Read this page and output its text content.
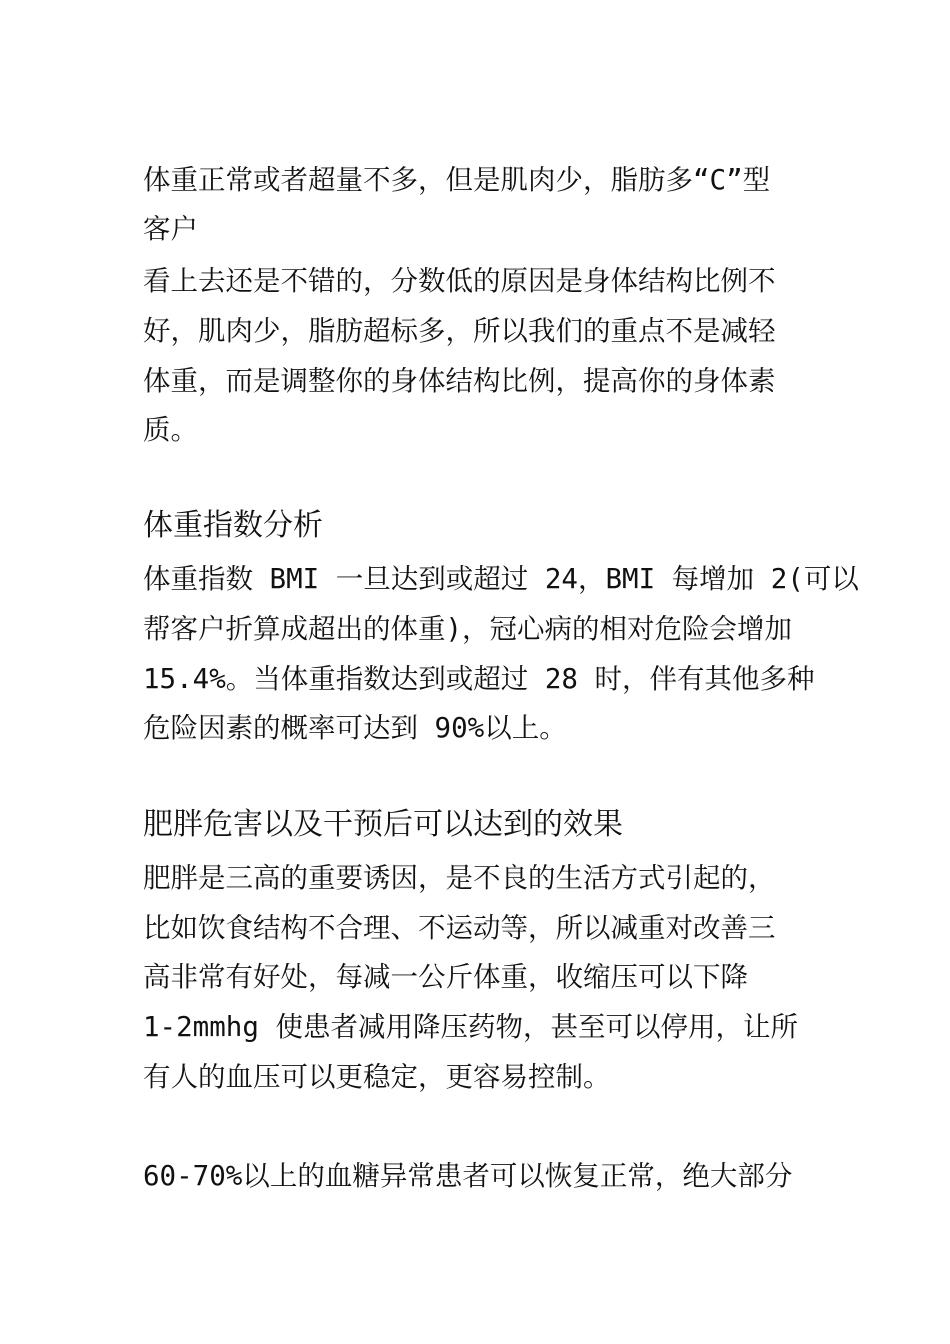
体重正常或者超量不多，但是肌肉少，脂肪多“C”型

客户

看上去还是不错的，分数低的原因是身体结构比例不

好，肌肉少，脂肪超标多，所以我们的重点不是减轻

体重，而是调整你的身体结构比例，提高你的身体素

质。

体重指数分析

体重指数 BMI 一旦达到或超过 24，BMI 每增加 2(可以

帮客户折算成超出的体重)，冠心病的相对危险会增加

15.4%。当体重指数达到或超过 28 时，伴有其他多种

危险因素的概率可达到 90%以上。

肥胖危害以及干预后可以达到的效果

肥胖是三高的重要诱因，是不良的生活方式引起的，

比如饮食结构不合理、不运动等，所以减重对改善三

高非常有好处，每减一公斤体重，收缩压可以下降

1-2mmhg 使患者减用降压药物，甚至可以停用，让所

有人的血压可以更稳定，更容易控制。

60-70%以上的血糖异常患者可以恢复正常，绝大部分
